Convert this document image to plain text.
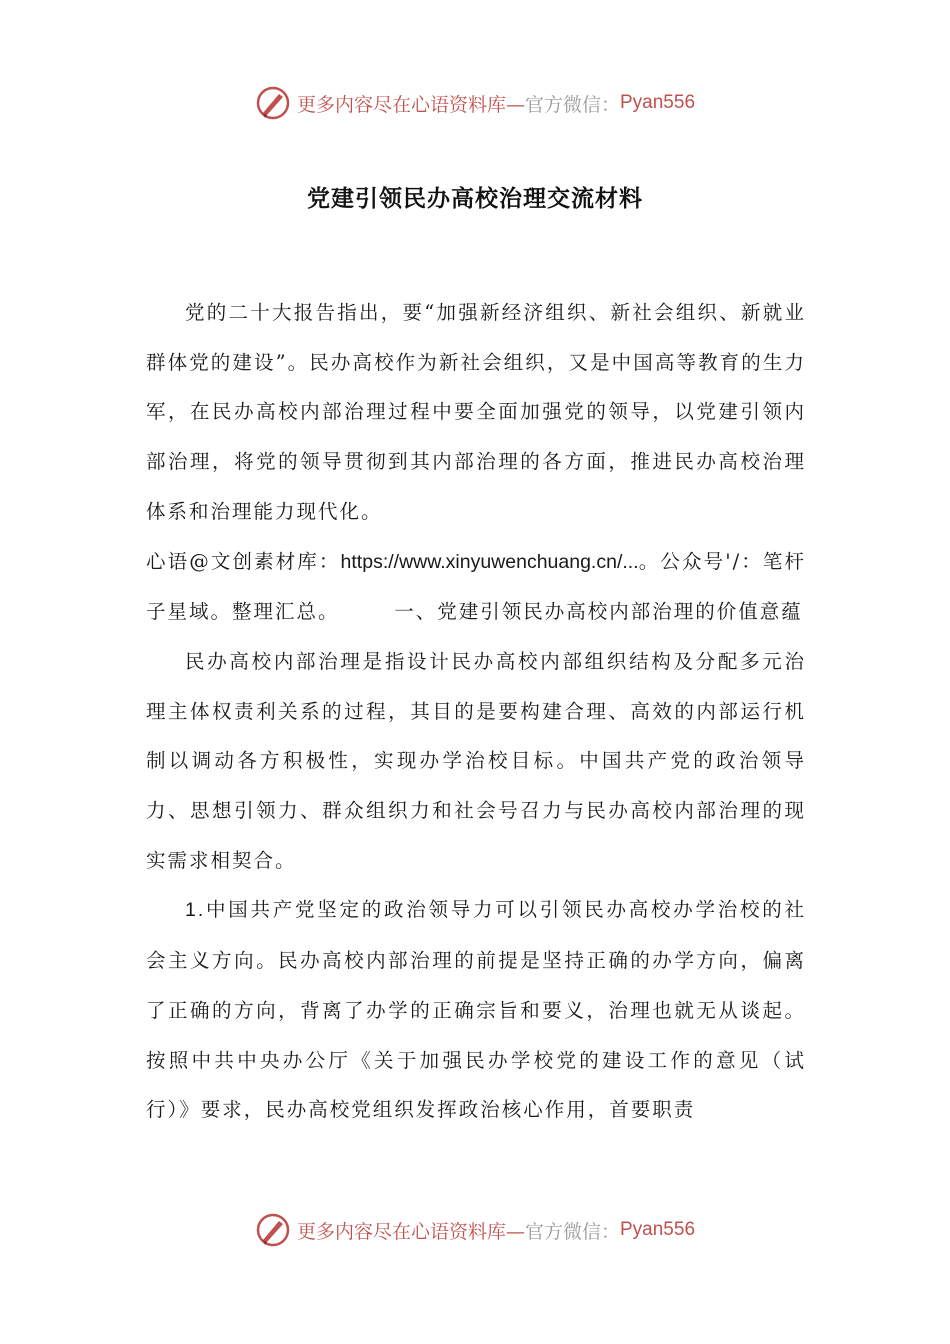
更多内容尽在心语资料库— 官方微信： Pyan556
党建引领民办高校治理交流材料

党的二十大报告指出，要“加强新经济组织、新社会组织、新就业群体党的建设”。民办高校作为新社会组织，又是中国高等教育的生力军，在民办高校内部治理过程中要全面加强党的领导，以党建引领内部治理，将党的领导贯彻到其内部治理的各方面，推进民办高校治理体系和治理能力现代化。

心语@文创素材库：https://www.xinyuwenchuang.cn/...。公众号'/：笔杆子星域。整理汇总。　　　一、党建引领民办高校内部治理的价值意蕴

民办高校内部治理是指设计民办高校内部组织结构及分配多元治理主体权责利关系的过程，其目的是要构建合理、高效的内部运行机制以调动各方积极性，实现办学治校目标。中国共产党的政治领导力、思想引领力、群众组织力和社会号召力与民办高校内部治理的现实需求相契合。

1.中国共产党坚定的政治领导力可以引领民办高校办学治校的社会主义方向。民办高校内部治理的前提是坚持正确的办学方向，偏离了正确的方向，背离了办学的正确宗旨和要义，治理也就无从谈起。按照中共中央办公厅《关于加强民办学校党的建设工作的意见（试行）》要求，民办高校党组织发挥政治核心作用，首要职责

更多内容尽在心语资料库— 官方微信： Pyan556
